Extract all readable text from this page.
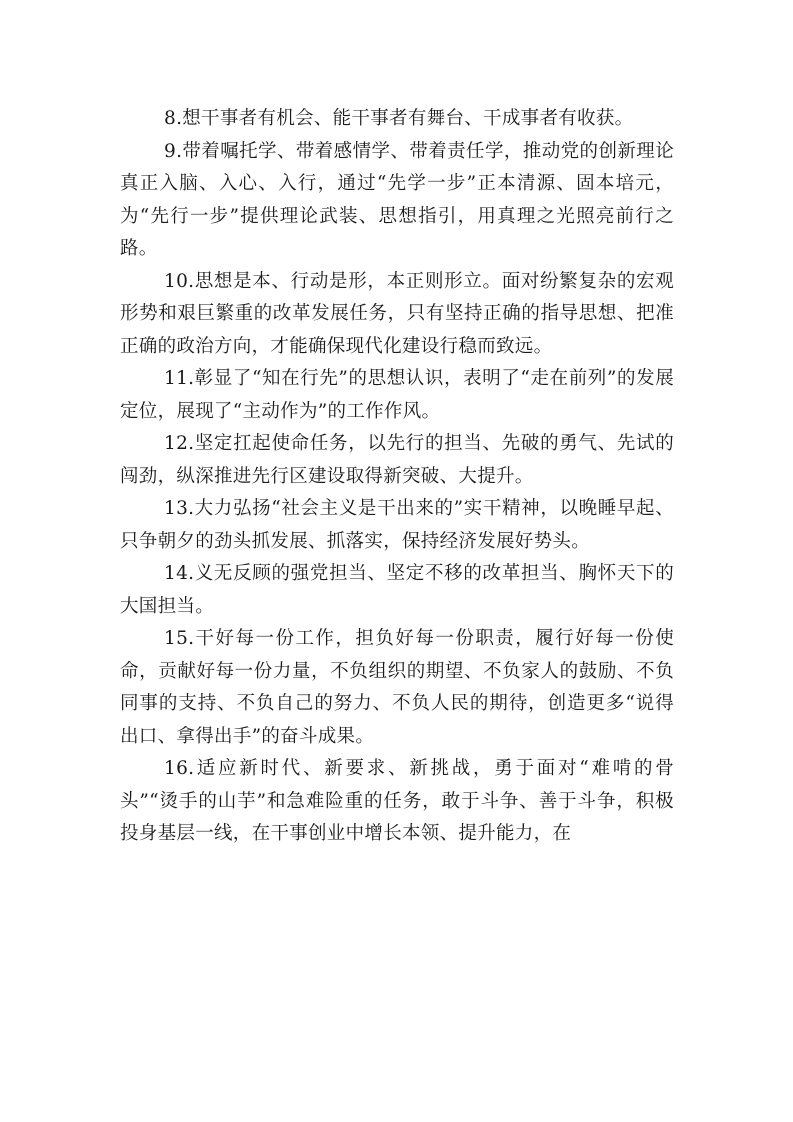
8.想干事者有机会、能干事者有舞台、干成事者有收获。

9.带着嘱托学、带着感情学、带着责任学，推动党的创新理论真正入脑、入心、入行，通过“先学一步”正本清源、固本培元，为“先行一步”提供理论武装、思想指引，用真理之光照亮前行之路。

10.思想是本、行动是形，本正则形立。面对纷繁复杂的宏观形势和艰巨繁重的改革发展任务，只有坚持正确的指导思想、把准正确的政治方向，才能确保现代化建设行稳而致远。

11.彰显了“知在行先”的思想认识，表明了“走在前列”的发展定位，展现了“主动作为”的工作作风。

12.坚定扛起使命任务，以先行的担当、先破的勇气、先试的闯劲，纵深推进先行区建设取得新突破、大提升。

13.大力弘扬“社会主义是干出来的”实干精神，以晚睡早起、只争朝夕的劲头抓发展、抓落实，保持经济发展好势头。

14.义无反顾的强党担当、坚定不移的改革担当、胸怀天下的大国担当。

15.干好每一份工作，担负好每一份职责，履行好每一份使命，贡献好每一份力量，不负组织的期望、不负家人的鼓励、不负同事的支持、不负自己的努力、不负人民的期待，创造更多“说得出口、拿得出手”的奋斗成果。

16.适应新时代、新要求、新挑战，勇于面对“难啃的骨头”“烫手的山芋”和急难险重的任务，敢于斗争、善于斗争，积极投身基层一线，在干事创业中增长本领、提升能力，在
